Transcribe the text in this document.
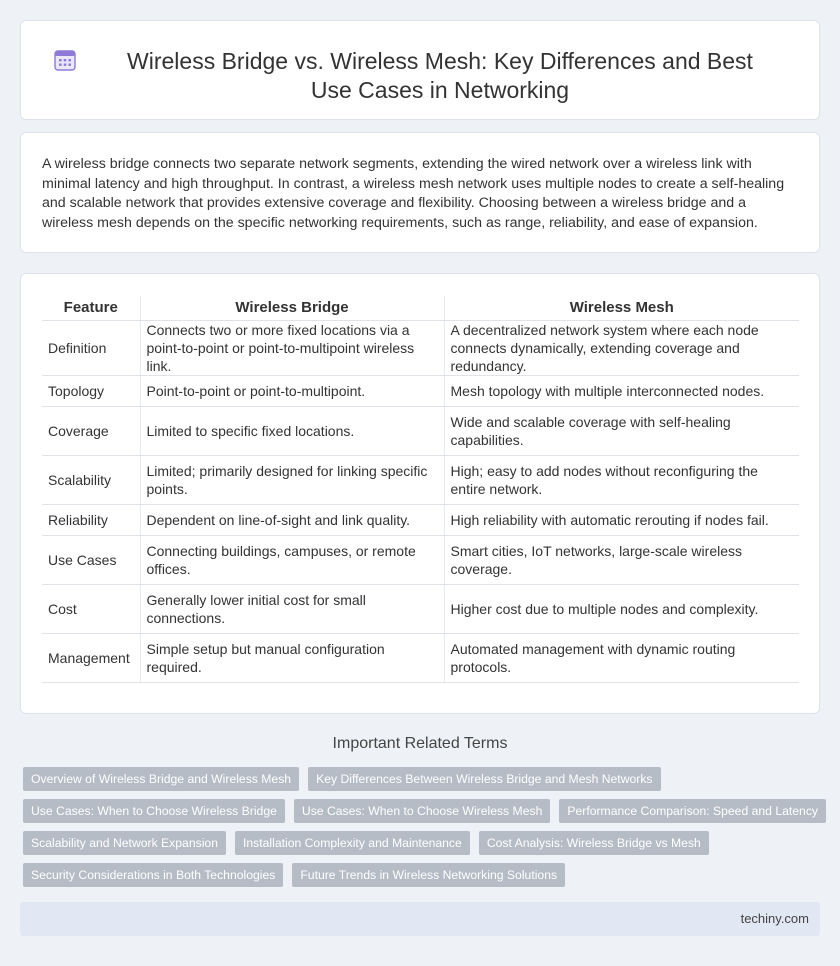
Wireless Bridge vs. Wireless Mesh: Key Differences and Best Use Cases in Networking

A wireless bridge connects two separate network segments, extending the wired network over a wireless link with minimal latency and high throughput. In contrast, a wireless mesh network uses multiple nodes to create a self-healing and scalable network that provides extensive coverage and flexibility. Choosing between a wireless bridge and a wireless mesh depends on the specific networking requirements, such as range, reliability, and ease of expansion.

Feature	Wireless Bridge	Wireless Mesh
Definition	Connects two or more fixed locations via a point-to-point or point-to-multipoint wireless link.	A decentralized network system where each node connects dynamically, extending coverage and redundancy.
Topology	Point-to-point or point-to-multipoint.	Mesh topology with multiple interconnected nodes.
Coverage	Limited to specific fixed locations.	Wide and scalable coverage with self-healing capabilities.
Scalability	Limited; primarily designed for linking specific points.	High; easy to add nodes without reconfiguring the entire network.
Reliability	Dependent on line-of-sight and link quality.	High reliability with automatic rerouting if nodes fail.
Use Cases	Connecting buildings, campuses, or remote offices.	Smart cities, IoT networks, large-scale wireless coverage.
Cost	Generally lower initial cost for small connections.	Higher cost due to multiple nodes and complexity.
Management	Simple setup but manual configuration required.	Automated management with dynamic routing protocols.
Important Related Terms
Overview of Wireless Bridge and Wireless Mesh	Key Differences Between Wireless Bridge and Mesh Networks
Use Cases: When to Choose Wireless Bridge	Use Cases: When to Choose Wireless Mesh	Performance Comparison: Speed and Latency
Scalability and Network Expansion	Installation Complexity and Maintenance	Cost Analysis: Wireless Bridge vs Mesh
Security Considerations in Both Technologies	Future Trends in Wireless Networking Solutions
techiny.com
